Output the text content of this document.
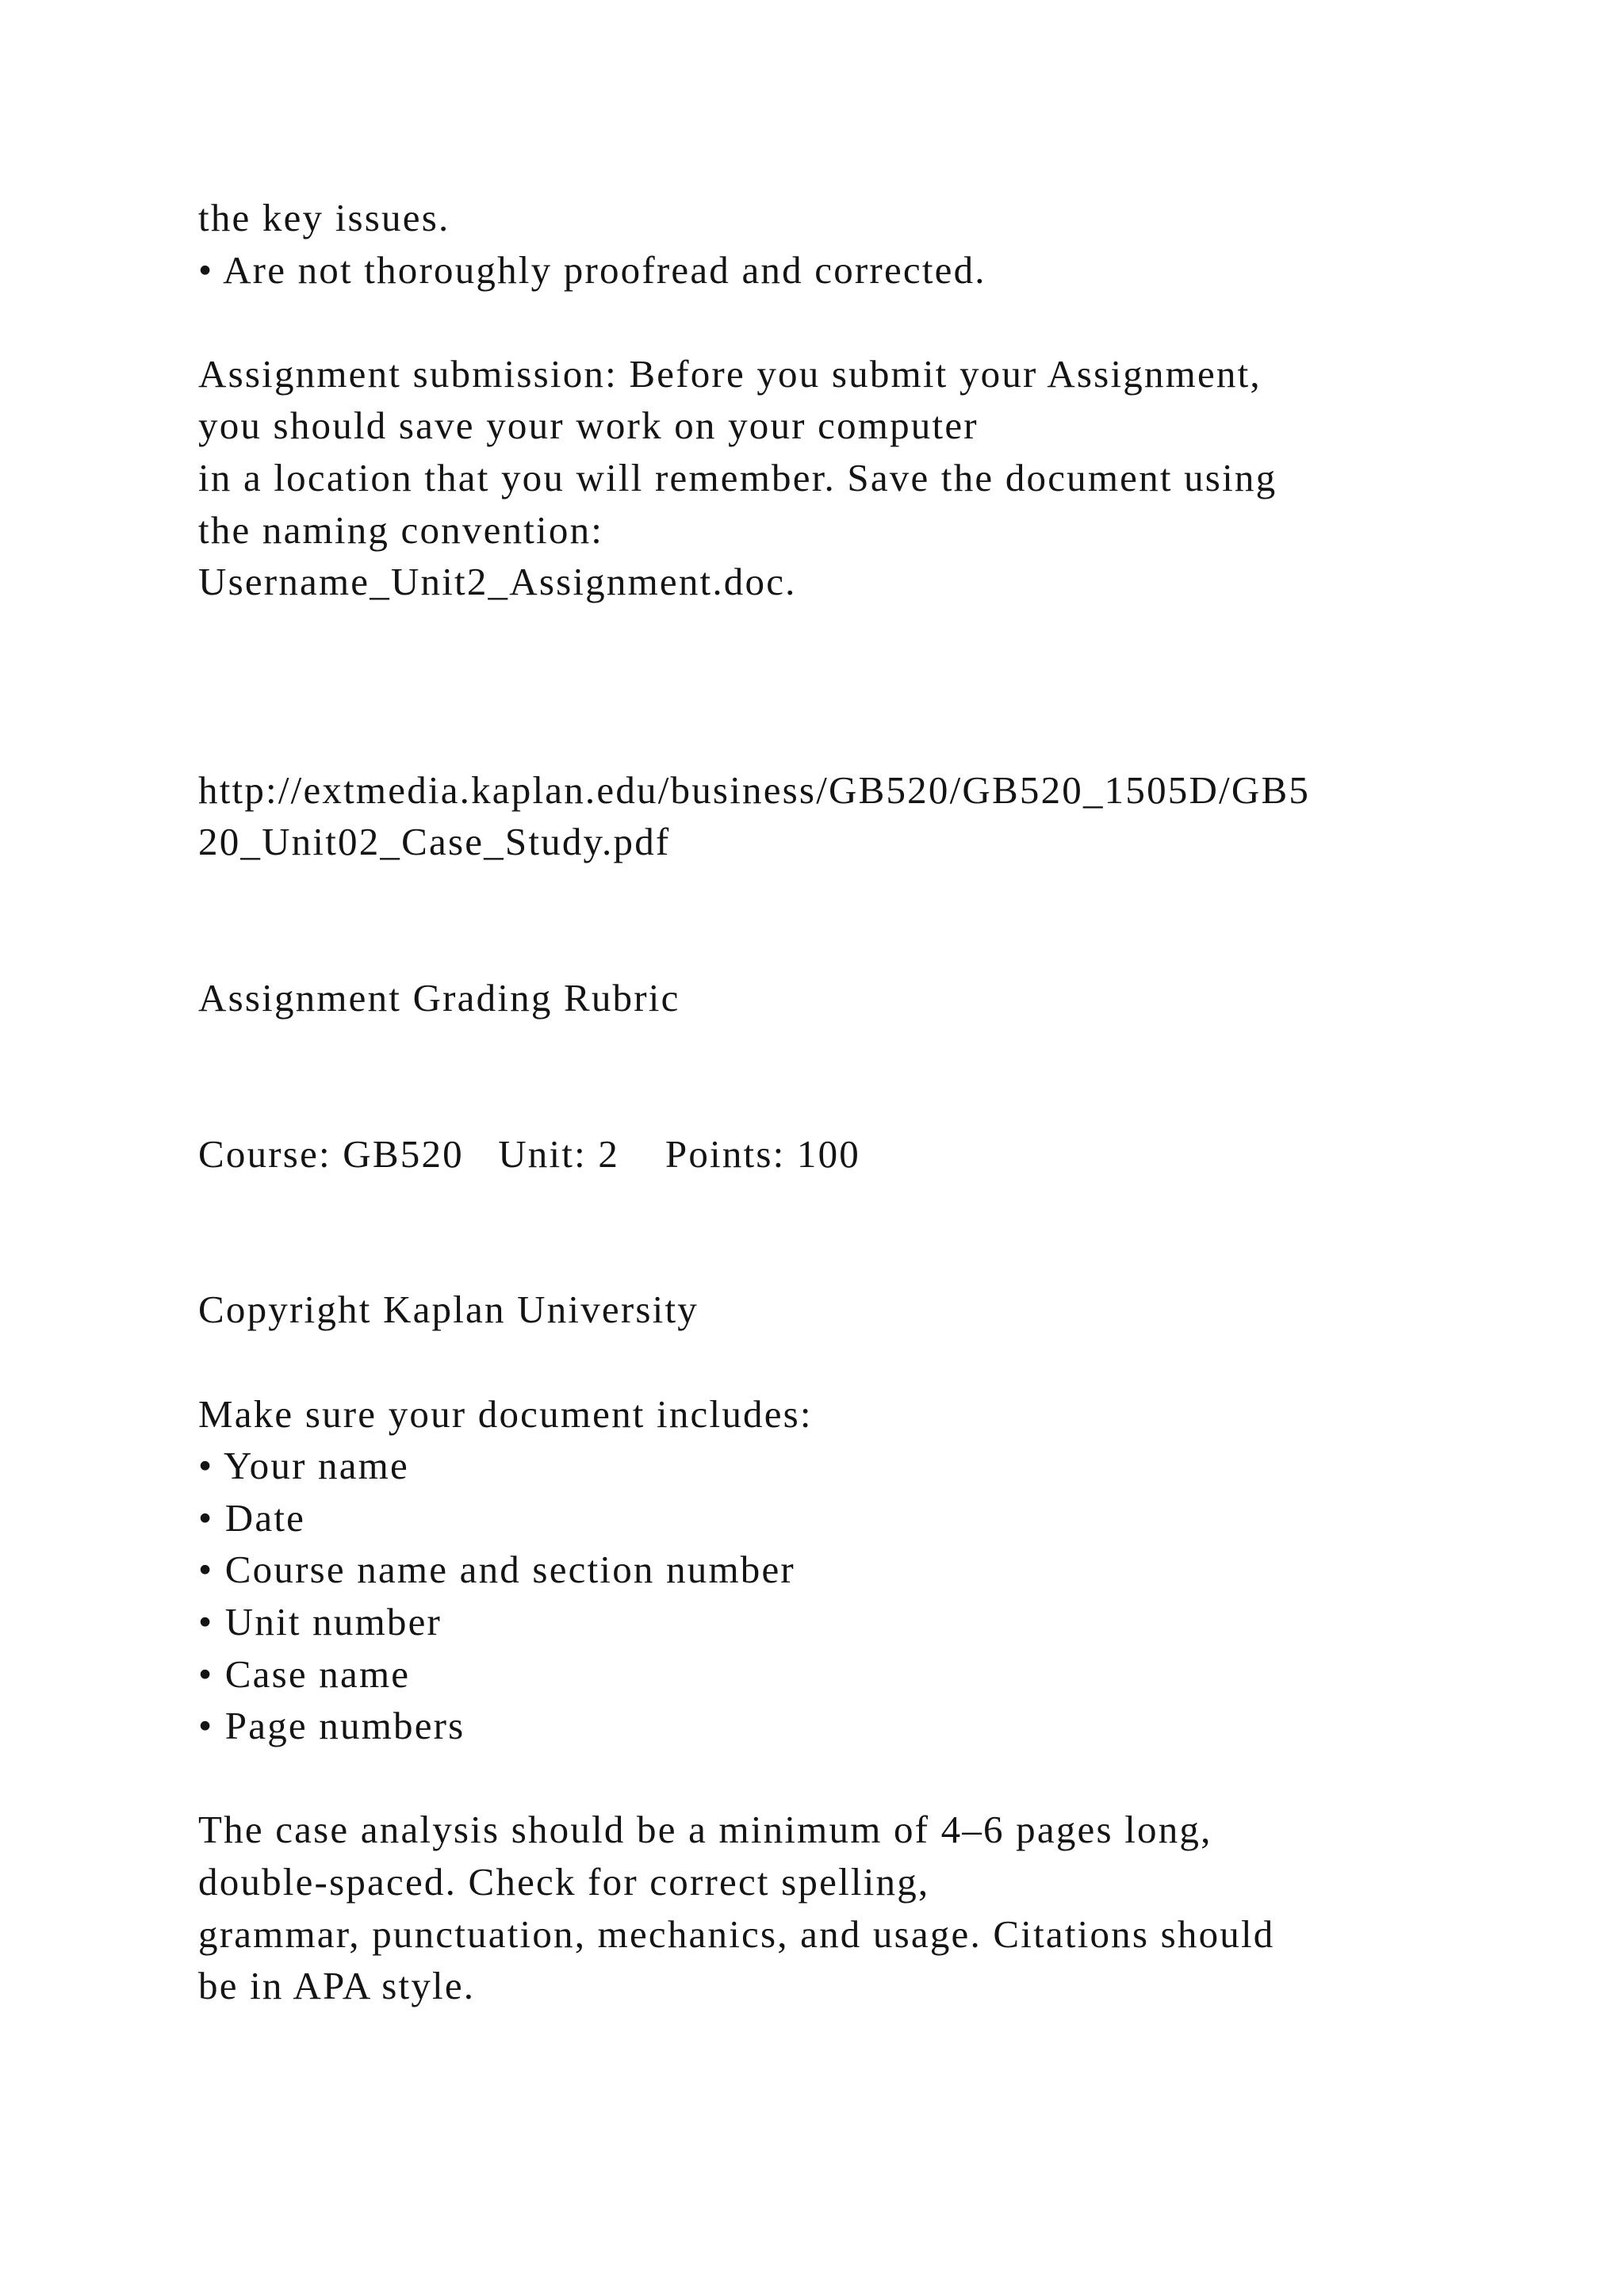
the key issues.
• Are not thoroughly proofread and corrected.
Assignment submission: Before you submit your Assignment,
you should save your work on your computer
in a location that you will remember. Save the document using
the naming convention:
Username_Unit2_Assignment.doc.
http://extmedia.kaplan.edu/business/GB520/GB520_1505D/GB5
20_Unit02_Case_Study.pdf
Assignment Grading Rubric
Course: GB520   Unit: 2    Points: 100
Copyright Kaplan University
Make sure your document includes:
• Your name
• Date
• Course name and section number
• Unit number
• Case name
• Page numbers
The case analysis should be a minimum of 4–6 pages long,
double-spaced. Check for correct spelling,
grammar, punctuation, mechanics, and usage. Citations should
be in APA style.
